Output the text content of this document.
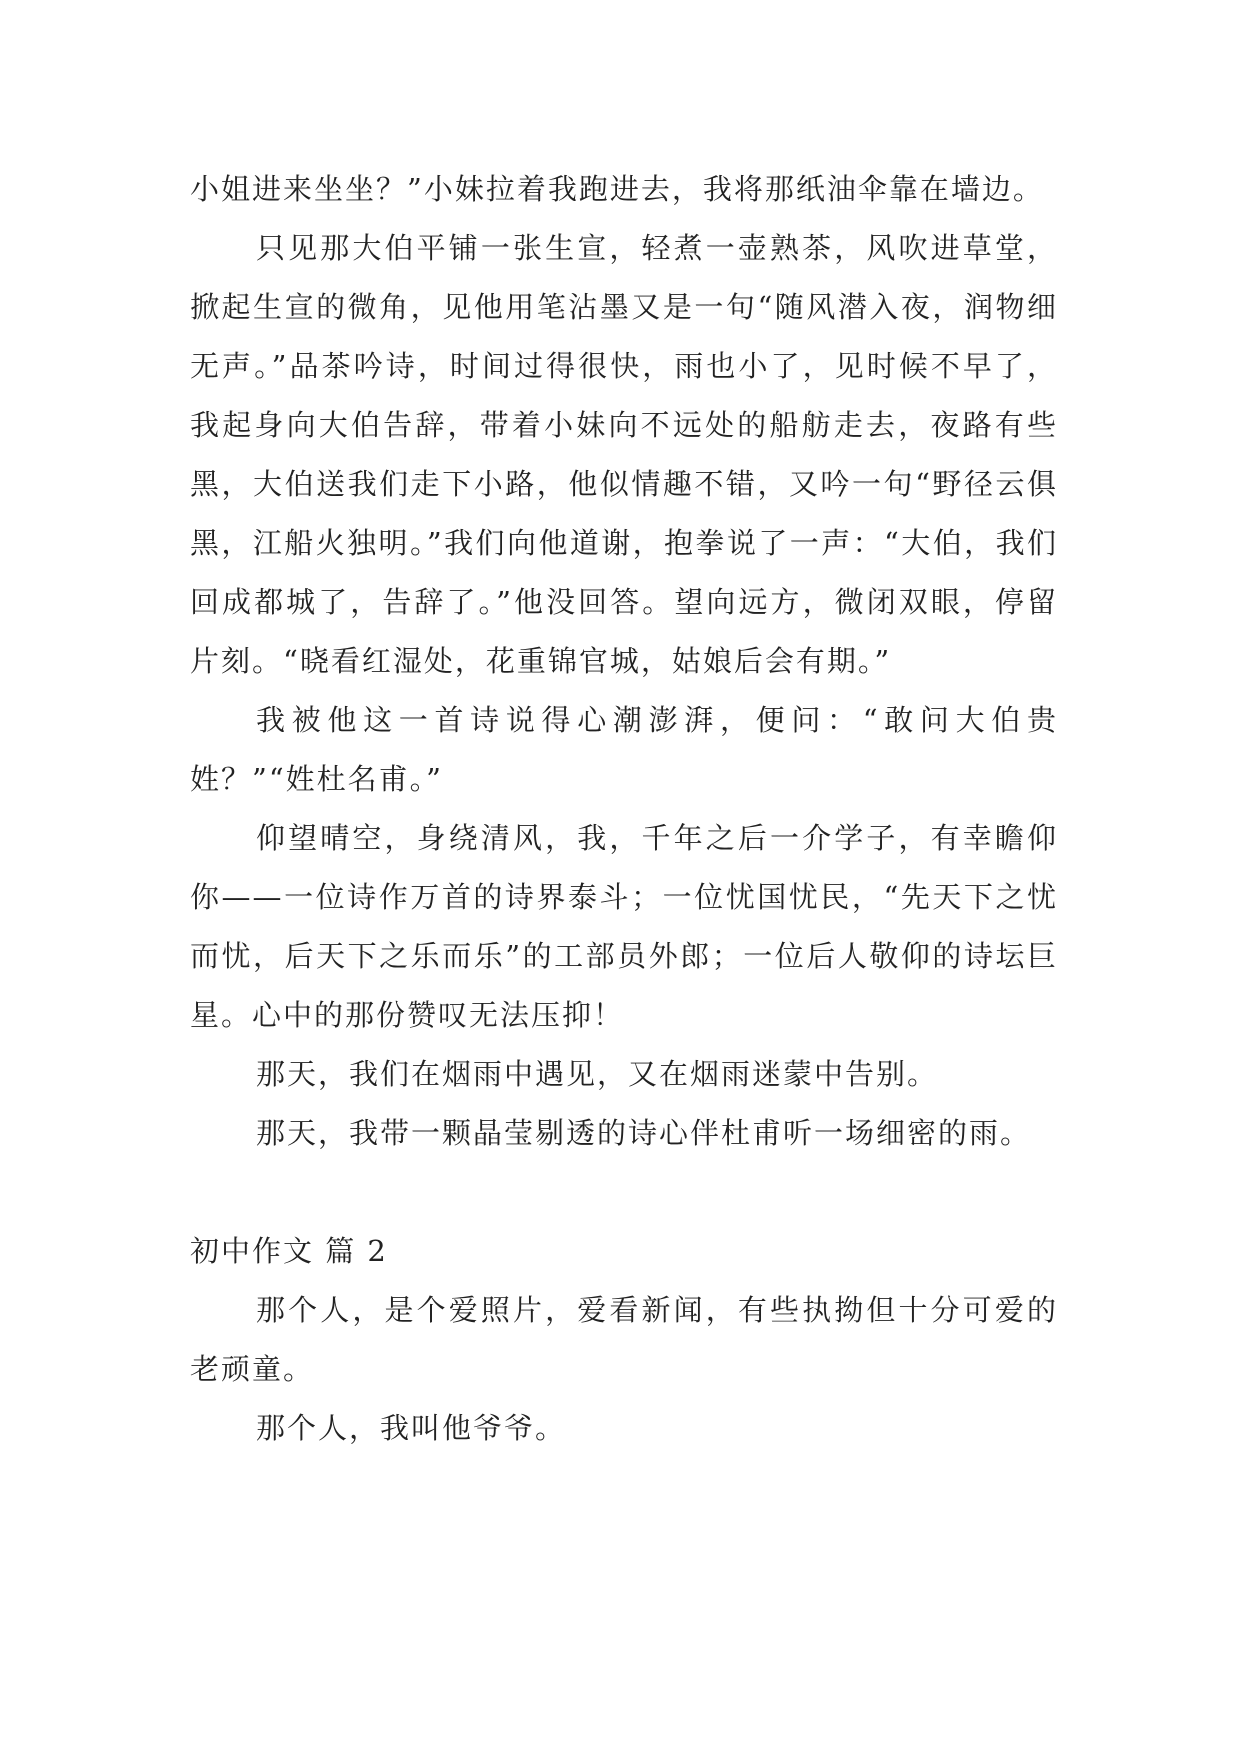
小姐进来坐坐？”小妹拉着我跑进去，我将那纸油伞靠在墙边。

只见那大伯平铺一张生宣，轻煮一壶熟茶，风吹进草堂，掀起生宣的微角，见他用笔沾墨又是一句“随风潜入夜，润物细无声。”品茶吟诗，时间过得很快，雨也小了，见时候不早了，我起身向大伯告辞，带着小妹向不远处的船舫走去，夜路有些黑，大伯送我们走下小路，他似情趣不错，又吟一句“野径云俱黑，江船火独明。”我们向他道谢，抱拳说了一声：“大伯，我们回成都城了，告辞了。”他没回答。望向远方，微闭双眼，停留片刻。“晓看红湿处，花重锦官城，姑娘后会有期。”

我被他这一首诗说得心潮澎湃，便问：“敢问大伯贵姓？”“姓杜名甫。”

仰望晴空，身绕清风，我，千年之后一介学子，有幸瞻仰你——一位诗作万首的诗界泰斗；一位忧国忧民，“先天下之忧而忧，后天下之乐而乐”的工部员外郎；一位后人敬仰的诗坛巨星。心中的那份赞叹无法压抑！

那天，我们在烟雨中遇见，又在烟雨迷蒙中告别。

那天，我带一颗晶莹剔透的诗心伴杜甫听一场细密的雨。

初中作文 篇 2

那个人，是个爱照片，爱看新闻，有些执拗但十分可爱的老顽童。

那个人，我叫他爷爷。
